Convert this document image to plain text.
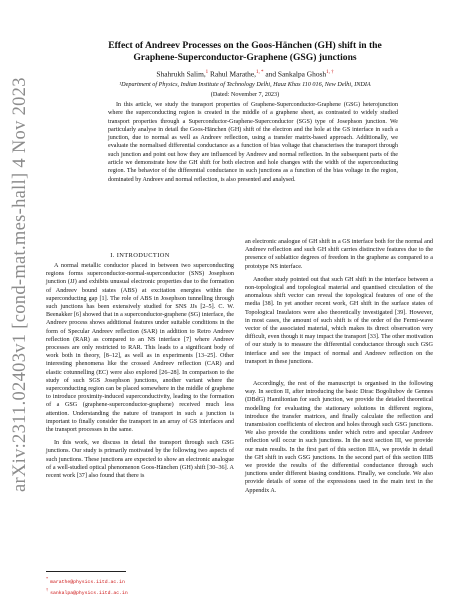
arXiv:2311.02403v1 [cond-mat.mes-hall] 4 Nov 2023
Effect of Andreev Processes on the Goos-Hänchen (GH) shift in the
Graphene-Superconductor-Graphene (GSG) junctions
Shahrukh Salim,$^1$ Rahul Marathe,$^{1, *}$ and Sankalpa Ghosh$^{1, \dagger}$
¹Department of Physics, Indian Institute of Technology Delhi, Hauz Khas 110 016, New Delhi, INDIA
(Dated: November 7, 2023)
In this article, we study the transport properties of Graphene-Superconductor-Graphene (GSG) heterojunction where the superconducting region is created in the middle of a graphene sheet, as contrasted to widely studied transport properties through a Superconductor-Graphene-Superconductor (SGS) type of Josephson junction. We particularly analyse in detail the Goos-Hänchen (GH) shift of the electron and the hole at the GS interface in such a junction, due to normal as well as Andreev reflection, using a transfer matrix-based approach. Additionally, we evaluate the normalised differential conductance as a function of bias voltage that characterises the transport through such junction and point out how they are influenced by Andreev and normal reflection. In the subsequent parts of the article we demonstrate how the GH shift for both electron and hole changes with the width of the superconducting region. The behavior of the differential conductance in such junctions as a function of the bias voltage in the region, dominated by Andreev and normal reflection, is also presented and analysed.
I. INTRODUCTION

A normal metallic conductor placed in between two superconducting regions forms superconductor-normal-superconductor (SNS) Josephson junction (JJ) and exhibits unusual electronic properties due to the formation of Andreev bound states (ABS) at excitation energies within the superconducting gap [1]. The role of ABS in Josephson tunnelling through such junctions has been extensively studied for SNS JJs [2–5]. C. W. Beenakker [6] showed that in a superconductor-graphene (SG) interface, the Andreev process shows additional features under suitable conditions in the form of Specular Andreev reflection (SAR) in addition to Retro Andreev reflection (RAR) as compared to an NS interface [7] where Andreev processes are only restricted to RAR. This leads to a significant body of work both in theory, [8–12], as well as in experiments [13–25]. Other interesting phenomena like the crossed Andreev reflection (CAR) and elastic cotunnelling (EC) were also explored [26–28]. In comparison to the study of such SGS Josephson junctions, another variant where the superconducting region can be placed somewhere in the middle of graphene to introduce proximity-induced superconductivity, leading to the formation of a GSG (graphene-superconductor-graphene) received much less attention. Understanding the nature of transport in such a junction is important to finally consider the transport in an array of GS interfaces and the transport processes in the same.

In this work, we discuss in detail the transport through such GSG junctions. Our study is primarily motivated by the following two aspects of such junctions. These junctions are expected to show an electronic analogue of a well-studied optical phenomenon Goos-Hänchen (GH) shift [30–36]. A recent work [37] also found that there is

an electronic analogue of GH shift in a GS interface both for the normal and Andreev reflection and such GH shift carries distinctive features due to the presence of sublattice degrees of freedom in the graphene as compared to a prototype NS interface.

Another study pointed out that such GH shift in the interface between a non-topological and topological material and quantised circulation of the anomalous shift vector can reveal the topological features of one of the media [38]. In yet another recent work, GH shift in the surface states of Topological Insulators were also theoretically investigated [39]. However, in most cases, the amount of such shift is of the order of the Fermi-wave vector of the associated material, which makes its direct observation very difficult, even though it may impact the transport [33]. The other motivation of our study is to measure the differential conductance through such GSG interface and see the impact of normal and Andreev reflection on the transport in these junctions.

Accordingly, the rest of the manuscript is organised in the following way. In section II, after introducing the basic Dirac Bogoliubov de Gennes (DBdG) Hamiltonian for such junction, we provide the detailed theoretical modelling for evaluating the stationary solutions in different regions, introduce the transfer matrices, and finally calculate the reflection and transmission coefficients of electron and holes through such GSG junctions. We also provide the conditions under which retro and specular Andreev reflection will occur in such junctions. In the next section III, we provide our main results. In the first part of this section IIIA, we provide in detail the GH shift in such GSG junctions. In the second part of this section IIIB we provide the results of the differential conductance through such junctions under different biasing conditions. Finally, we conclude. We also provide details of some of the expressions used in the main text in the Appendix A.

*marathe@physics.iitd.ac.in
†sankalpa@physics.iitd.ac.in
